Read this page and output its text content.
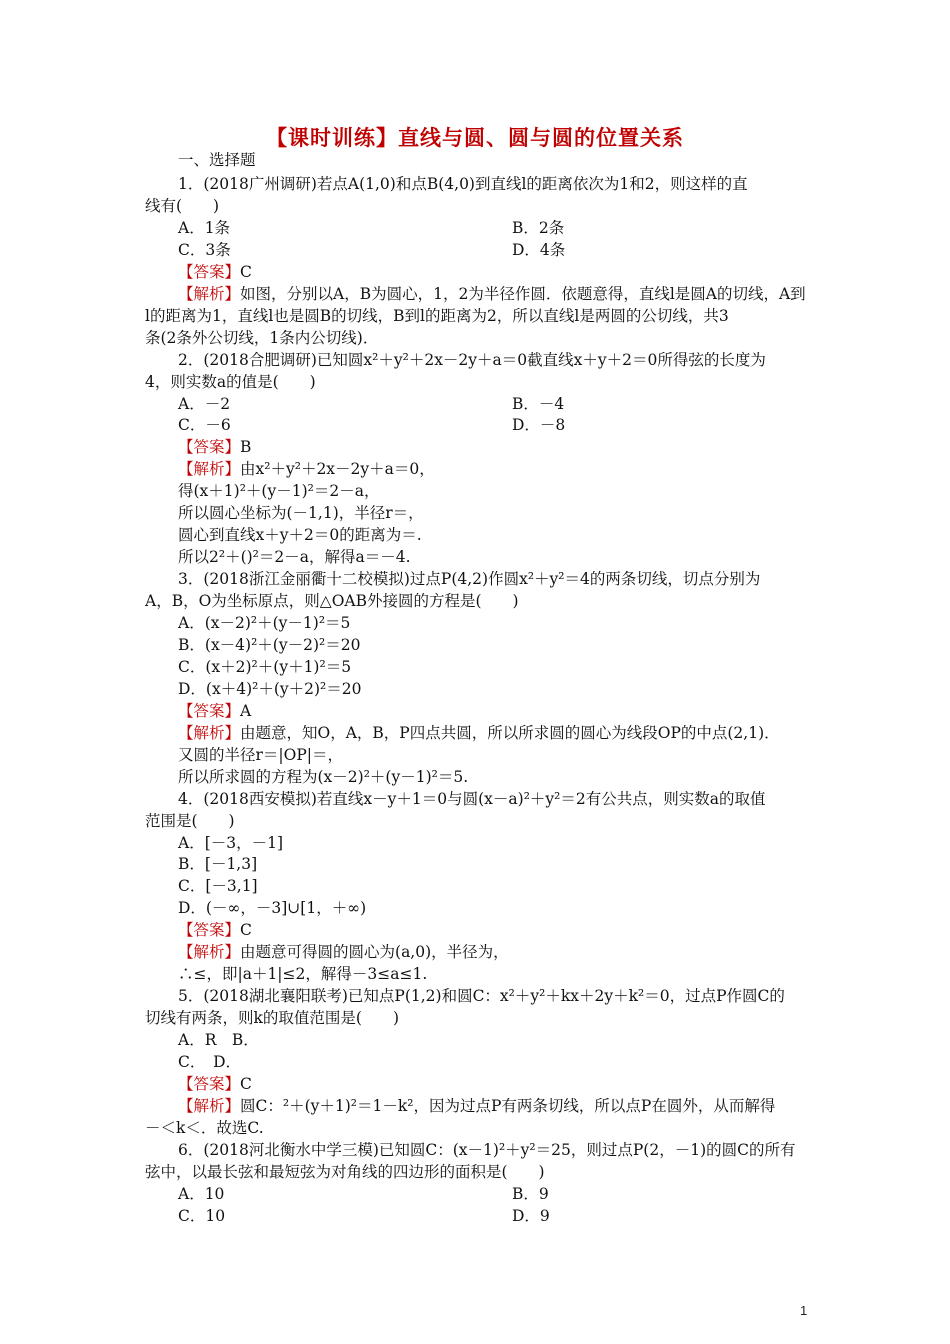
【课时训练】直线与圆、圆与圆的位置关系
一、选择题
1．(2018广州调研)若点A(1,0)和点B(4,0)到直线l的距离依次为1和2，则这样的直
线有(　　)
A．1条	B．2条
C．3条	D．4条
【答案】C
【解析】如图，分别以A，B为圆心，1，2为半径作圆．依题意得，直线l是圆A的切线，A到
l的距离为1，直线l也是圆B的切线，B到l的距离为2，所以直线l是两圆的公切线，共3
条(2条外公切线，1条内公切线)．
2．(2018合肥调研)已知圆x²＋y²＋2x－2y＋a＝0截直线x＋y＋2＝0所得弦的长度为
4，则实数a的值是(　　)
A．－2	B．－4
C．－6	D．－8
【答案】B
【解析】由x²＋y²＋2x－2y＋a＝0，
得(x＋1)²＋(y－1)²＝2－a，
所以圆心坐标为(－1,1)，半径r＝，
圆心到直线x＋y＋2＝0的距离为＝.
所以2²＋()²＝2－a，解得a＝－4.
3．(2018浙江金丽衢十二校模拟)过点P(4,2)作圆x²＋y²＝4的两条切线，切点分别为
A，B，O为坐标原点，则△OAB外接圆的方程是(　　)
A．(x－2)²＋(y－1)²＝5
B．(x－4)²＋(y－2)²＝20
C．(x＋2)²＋(y＋1)²＝5
D．(x＋4)²＋(y＋2)²＝20
【答案】A
【解析】由题意，知O，A，B，P四点共圆，所以所求圆的圆心为线段OP的中点(2,1)．
又圆的半径r＝|OP|＝，
所以所求圆的方程为(x－2)²＋(y－1)²＝5.
4．(2018西安模拟)若直线x－y＋1＝0与圆(x－a)²＋y²＝2有公共点，则实数a的取值
范围是(　　)
A．[－3，－1]
B．[－1,3]
C．[－3,1]
D．(－∞，－3]∪[1，＋∞)
【答案】C
【解析】由题意可得圆的圆心为(a,0)，半径为，
∴≤，即|a＋1|≤2，解得－3≤a≤1.
5．(2018湖北襄阳联考)已知点P(1,2)和圆C：x²＋y²＋kx＋2y＋k²＝0，过点P作圆C的
切线有两条，则k的取值范围是(　　)
A．R　B．
C．　D．
【答案】C
【解析】圆C：²＋(y＋1)²＝1－k²，因为过点P有两条切线，所以点P在圆外，从而解得
－＜k＜．故选C.
6．(2018河北衡水中学三模)已知圆C：(x－1)²＋y²＝25，则过点P(2，－1)的圆C的所有
弦中，以最长弦和最短弦为对角线的四边形的面积是(　　)
A．10	B．9
C．10	D．9
1
